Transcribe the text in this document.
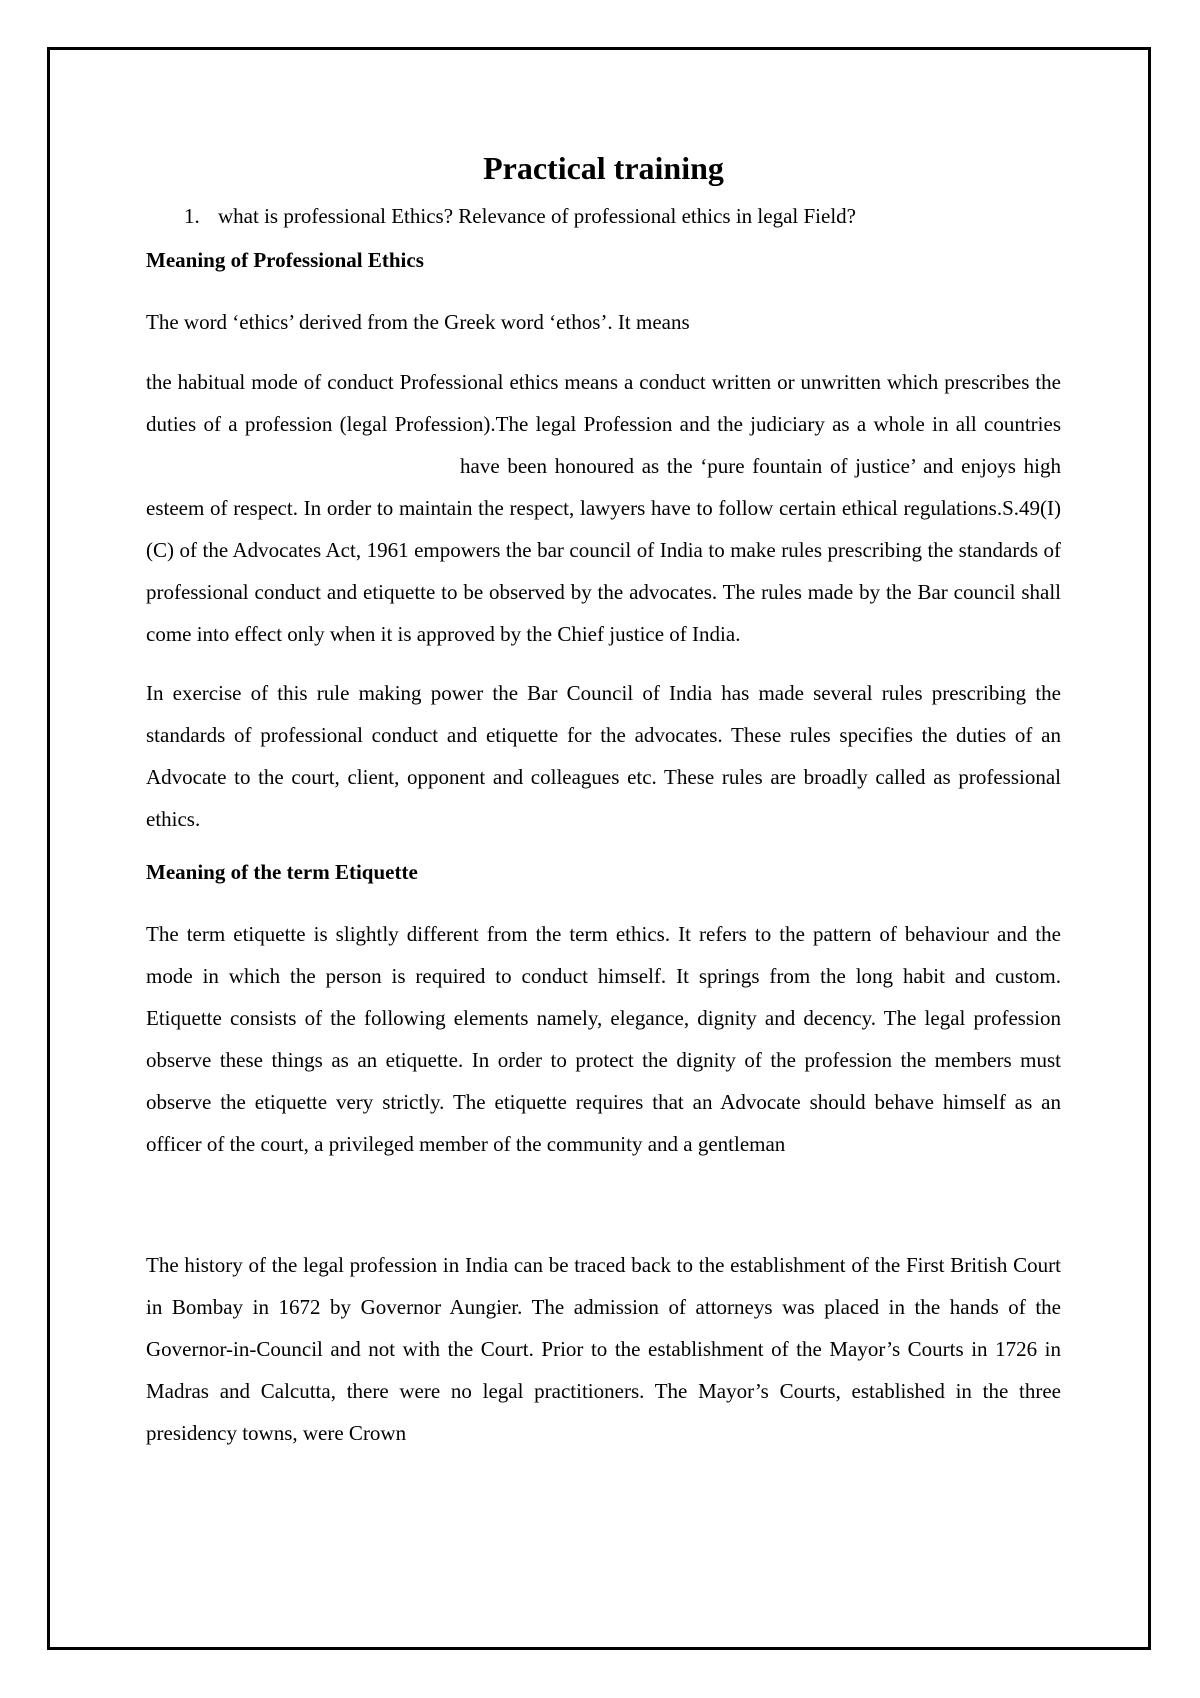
Practical training
1. what is professional Ethics? Relevance of professional ethics in legal Field?
Meaning of Professional Ethics

The word ‘ethics’ derived from the Greek word ‘ethos’. It means

the habitual mode of conduct Professional ethics means a conduct written or unwritten which prescribes the duties of a profession (legal Profession).The legal Profession and the judiciary as a whole in all countrieshave been honoured as the ‘pure fountain of justice’ and enjoys high esteem of respect. In order to maintain the respect, lawyers have to follow certain ethical regulations.S.49(I) (C) of the Advocates Act, 1961 empowers the bar council of India to make rules prescribing the standards of professional conduct and etiquette to be observed by the advocates. The rules made by the Bar council shall come into effect only when it is approved by the Chief justice of India.

In exercise of this rule making power the Bar Council of India has made several rules prescribing the standards of professional conduct and etiquette for the advocates. These rules specifies the duties of an Advocate to the court, client, opponent and colleagues etc. These rules are broadly called as professional ethics.

Meaning of the term Etiquette

The term etiquette is slightly different from the term ethics. It refers to the pattern of behaviour and the mode in which the person is required to conduct himself. It springs from the long habit and custom. Etiquette consists of the following elements namely, elegance, dignity and decency. The legal profession observe these things as an etiquette. In order to protect the dignity of the profession the members must observe the etiquette very strictly. The etiquette requires that an Advocate should behave himself as an officer of the court, a privileged member of the community and a gentleman

The history of the legal profession in India can be traced back to the establishment of the First British Court in Bombay in 1672 by Governor Aungier. The admission of attorneys was placed in the hands of the Governor-in-Council and not with the Court. Prior to the establishment of the Mayor’s Courts in 1726 in Madras and Calcutta, there were no legal practitioners. The Mayor’s Courts, established in the three presidency towns, were Crown
